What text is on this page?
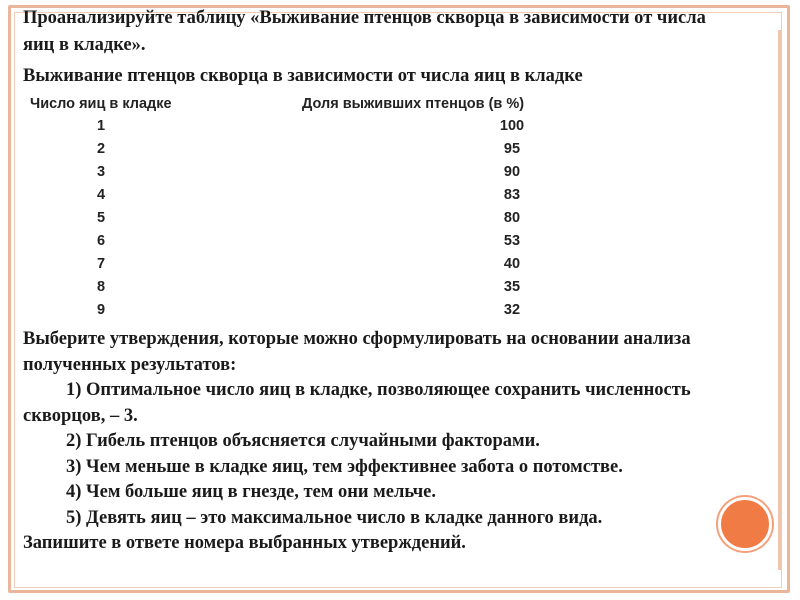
Проанализируйте таблицу «Выживание птенцов скворца в зависимости от числа яиц в кладке».

Выживание птенцов скворца в зависимости от числа яиц в кладке

Число яиц в кладке	Доля выживших птенцов (в %)
1	100
2	95
3	90
4	83
5	80
6	53
7	40
8	35
9	32

Выберите утверждения, которые можно сформулировать на основании анализа полученных результатов:

1) Оптимальное число яиц в кладке, позволяющее сохранить численность скворцов, – 3.

2) Гибель птенцов объясняется случайными факторами.

3) Чем меньше в кладке яиц, тем эффективнее забота о потомстве.

4) Чем больше яиц в гнезде, тем они мельче.

5) Девять яиц – это максимальное число в кладке данного вида.

Запишите в ответе номера выбранных утверждений.
